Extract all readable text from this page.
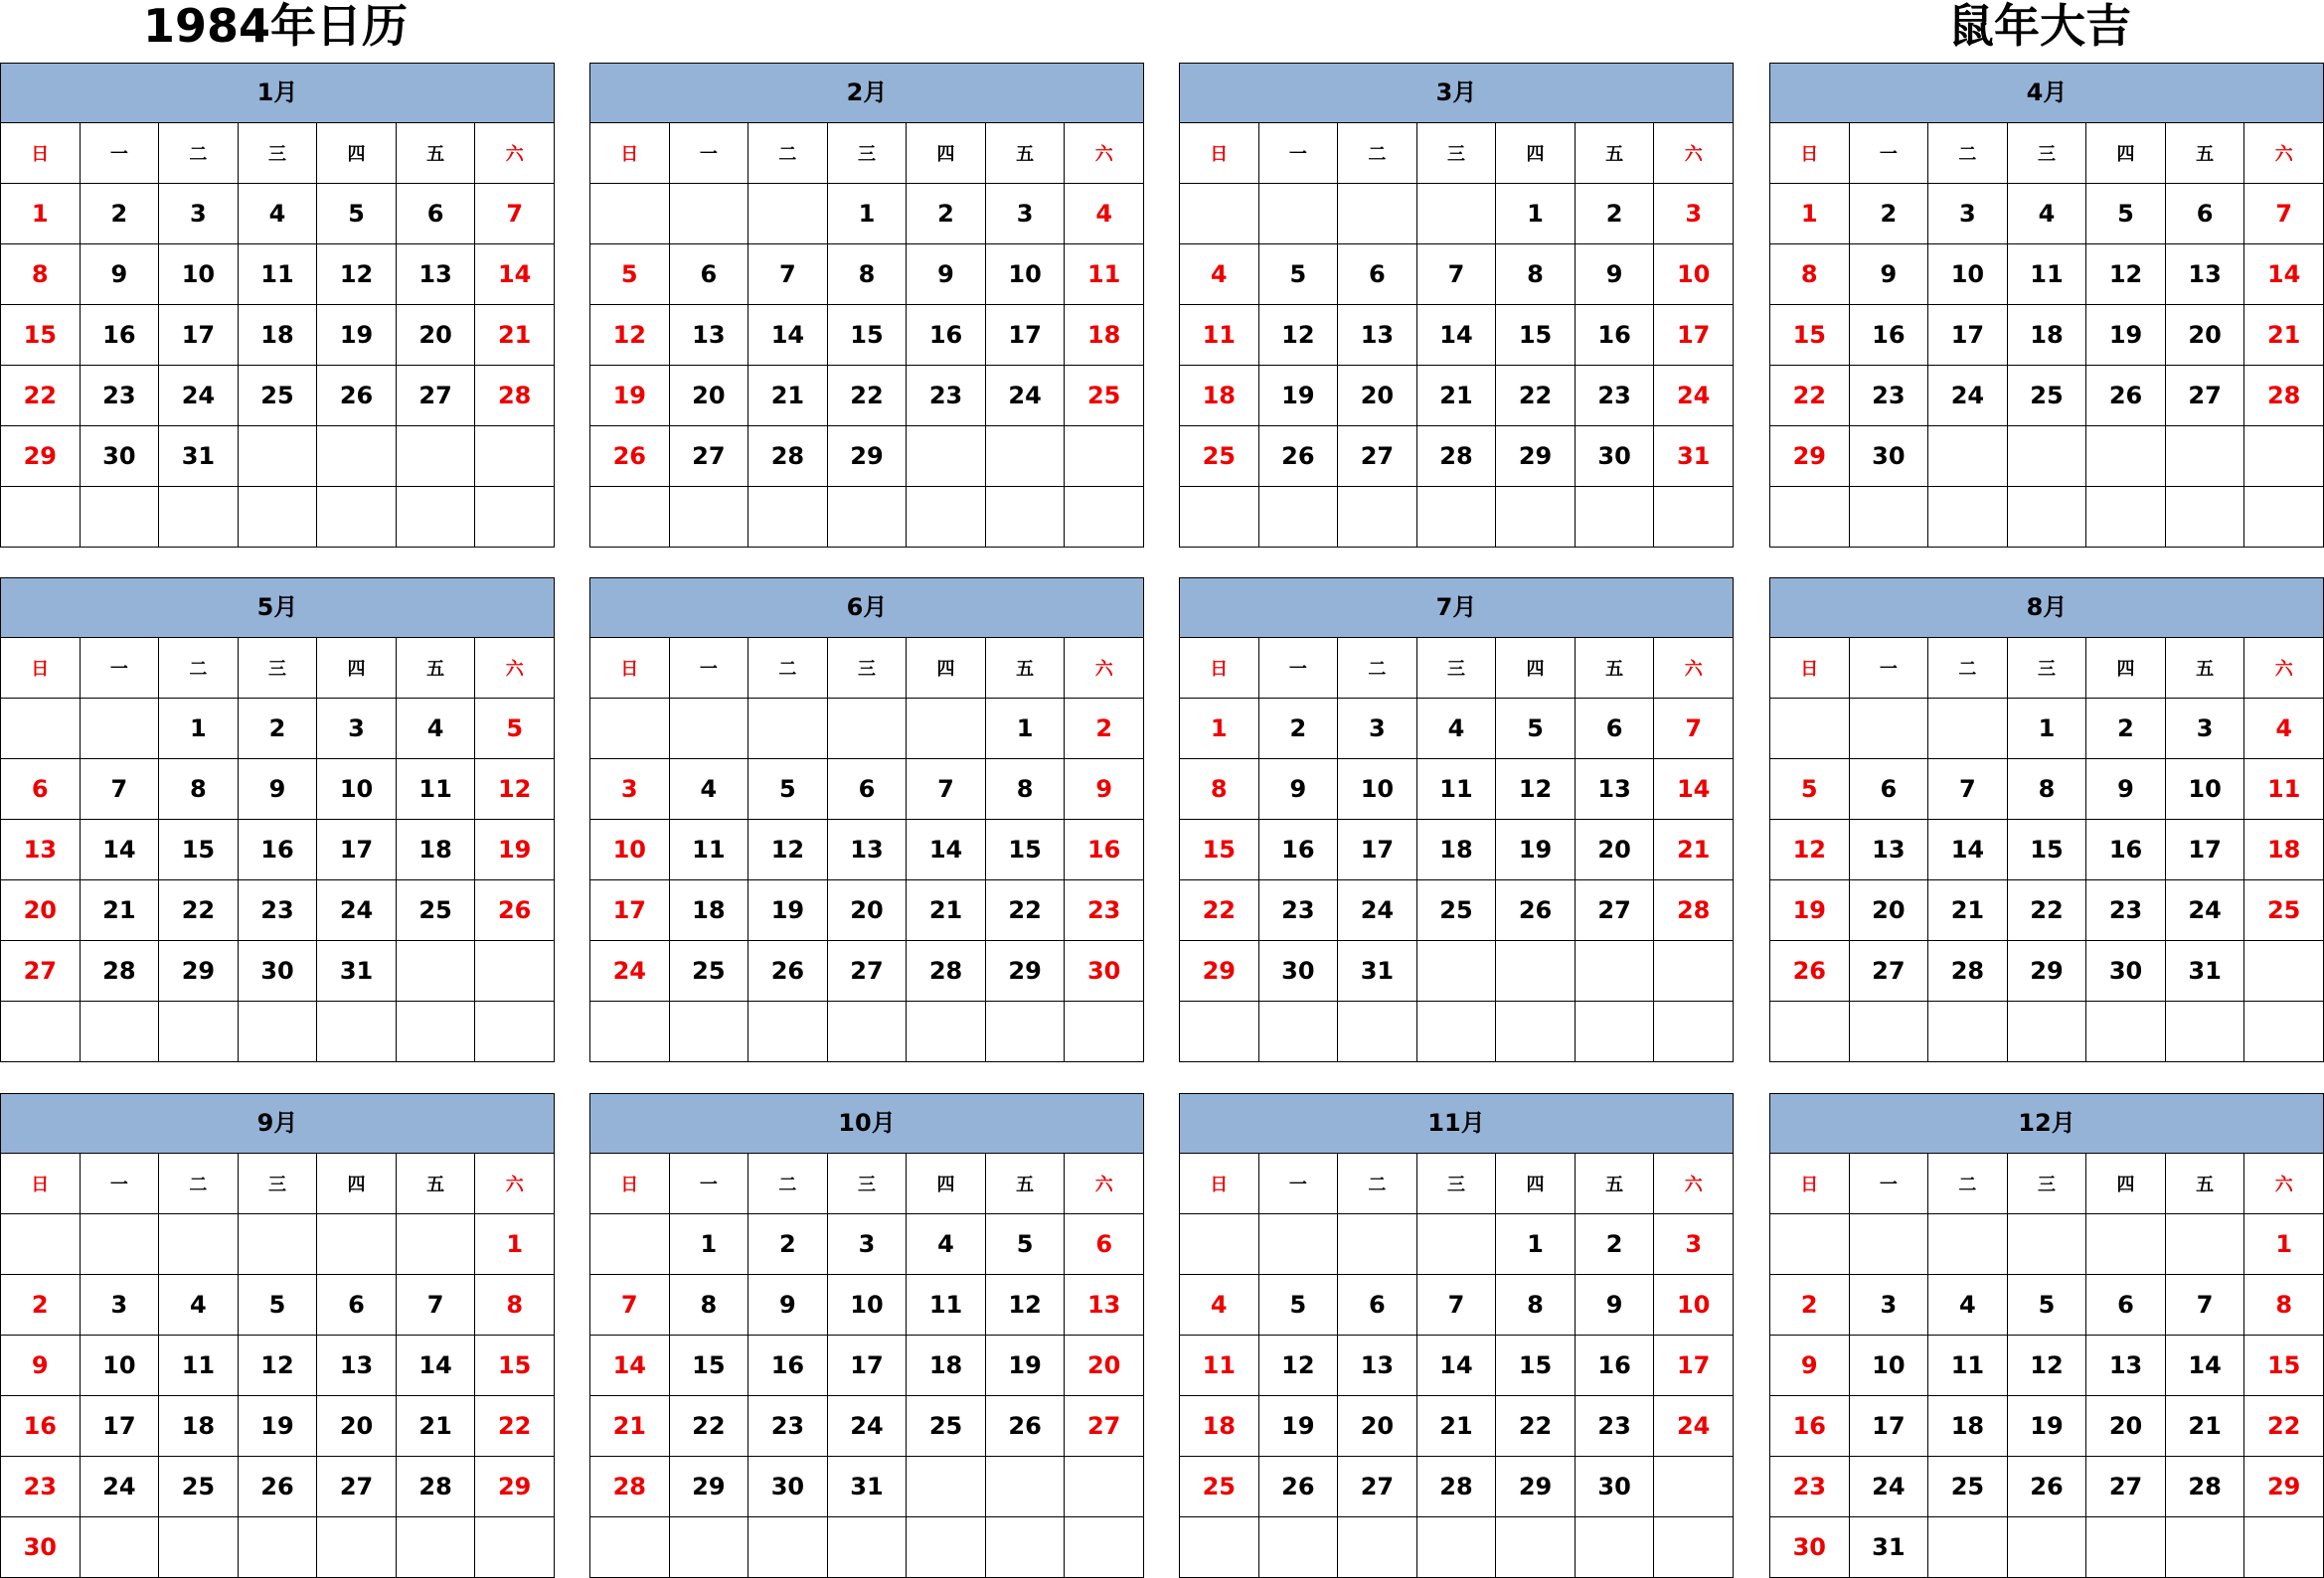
1984年日历	鼠年大吉
1月
日	一	二	三	四	五	六
1	2	3	4	5	6	7
8	9	10	11	12	13	14
15	16	17	18	19	20	21
22	23	24	25	26	27	28
29	30	31				

2月
日	一	二	三	四	五	六
			1	2	3	4
5	6	7	8	9	10	11
12	13	14	15	16	17	18
19	20	21	22	23	24	25
26	27	28	29			

3月
日	一	二	三	四	五	六
				1	2	3
4	5	6	7	8	9	10
11	12	13	14	15	16	17
18	19	20	21	22	23	24
25	26	27	28	29	30	31

4月
日	一	二	三	四	五	六
1	2	3	4	5	6	7
8	9	10	11	12	13	14
15	16	17	18	19	20	21
22	23	24	25	26	27	28
29	30					

5月
日	一	二	三	四	五	六
		1	2	3	4	5
6	7	8	9	10	11	12
13	14	15	16	17	18	19
20	21	22	23	24	25	26
27	28	29	30	31		

6月
日	一	二	三	四	五	六
					1	2
3	4	5	6	7	8	9
10	11	12	13	14	15	16
17	18	19	20	21	22	23
24	25	26	27	28	29	30

7月
日	一	二	三	四	五	六
1	2	3	4	5	6	7
8	9	10	11	12	13	14
15	16	17	18	19	20	21
22	23	24	25	26	27	28
29	30	31				

8月
日	一	二	三	四	五	六
			1	2	3	4
5	6	7	8	9	10	11
12	13	14	15	16	17	18
19	20	21	22	23	24	25
26	27	28	29	30	31	

9月
日	一	二	三	四	五	六
						1
2	3	4	5	6	7	8
9	10	11	12	13	14	15
16	17	18	19	20	21	22
23	24	25	26	27	28	29
30						
10月
日	一	二	三	四	五	六
	1	2	3	4	5	6
7	8	9	10	11	12	13
14	15	16	17	18	19	20
21	22	23	24	25	26	27
28	29	30	31			

11月
日	一	二	三	四	五	六
				1	2	3
4	5	6	7	8	9	10
11	12	13	14	15	16	17
18	19	20	21	22	23	24
25	26	27	28	29	30	

12月
日	一	二	三	四	五	六
						1
2	3	4	5	6	7	8
9	10	11	12	13	14	15
16	17	18	19	20	21	22
23	24	25	26	27	28	29
30	31					
